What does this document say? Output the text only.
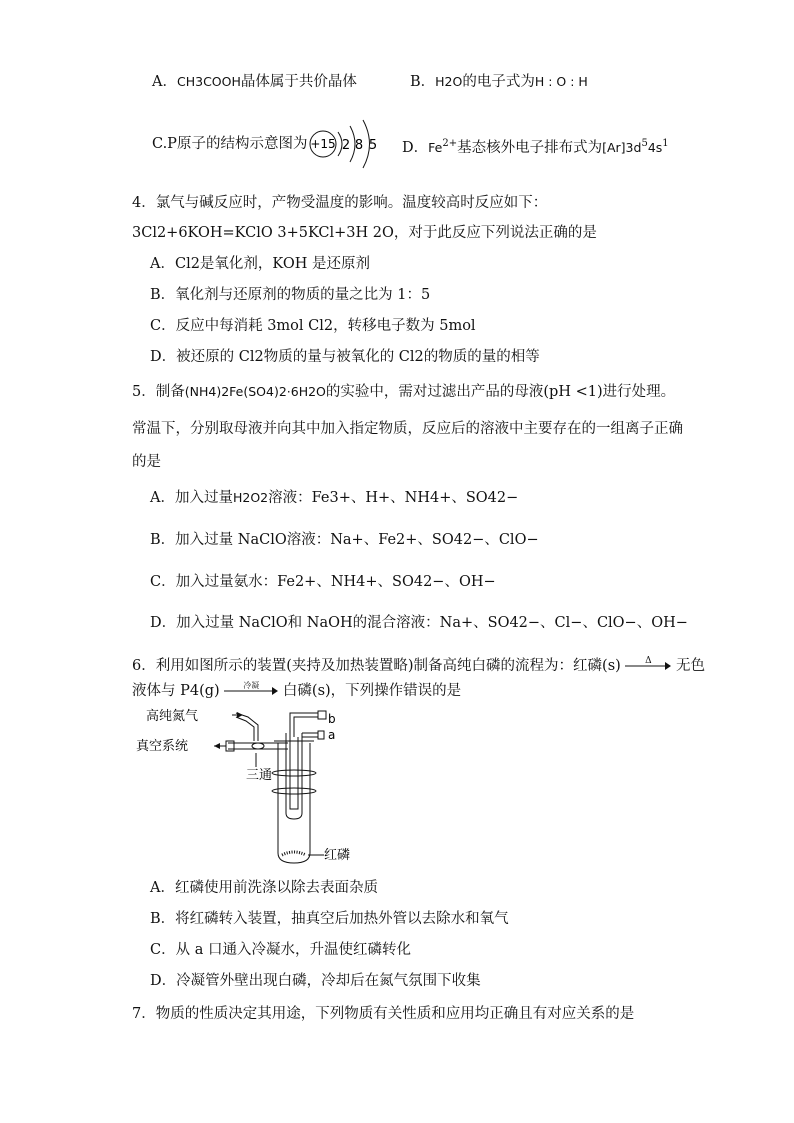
A．CH3COOH晶体属于共价晶体	B．H2O的电子式为H : O : H
C.P原子的结构示意图为 +15 2 8 5 D．$Fe^{2+}$基态核外电子排布式为$[Ar]3d^54s^1$
4．氯气与碱反应时，产物受温度的影响。温度较高时反应如下：
3Cl2+6KOH=KClO 3+5KCl+3H 2O，对于此反应下列说法正确的是
A．Cl2是氧化剂，KOH 是还原剂
B．氧化剂与还原剂的物质的量之比为 1：5
C．反应中每消耗 3mol Cl2，转移电子数为 5mol
D．被还原的 Cl2物质的量与被氧化的 Cl2的物质的量的相等
5．制备(NH4)2Fe(SO4)2·6H2O的实验中，需对过滤出产品的母液(pH <1)进行处理。
常温下，分别取母液并向其中加入指定物质，反应后的溶液中主要存在的一组离子正确
的是
A．加入过量H2O2溶液：Fe3+、H+、NH4+、SO42−
B．加入过量 NaClO溶液：Na+、Fe2+、SO42−、ClO−
C．加入过量氨水：Fe2+、NH4+、SO42−、OH−
D．加入过量 NaClO和 NaOH的混合溶液：Na+、SO42−、Cl−、ClO−、OH−
6．利用如图所示的装置(夹持及加热装置略)制备高纯白磷的流程为：红磷(s)	Δ	无色
液体与 P4(g)	冷凝	白磷(s)，下列操作错误的是
高纯氮气
真空系统
三通
b
a
红磷
A．红磷使用前洗涤以除去表面杂质
B．将红磷转入装置，抽真空后加热外管以去除水和氧气
C．从 a 口通入冷凝水，升温使红磷转化
D．冷凝管外壁出现白磷，冷却后在氮气氛围下收集
7．物质的性质决定其用途，下列物质有关性质和应用均正确且有对应关系的是
